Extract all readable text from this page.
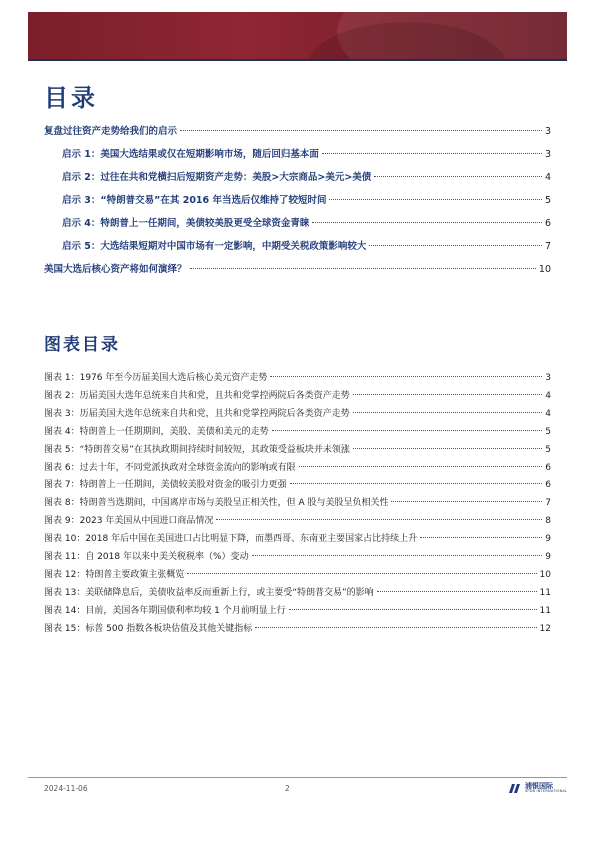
目录
复盘过往资产走势给我们的启示	3
启示 1：美国大选结果或仅在短期影响市场，随后回归基本面	3
启示 2：过往在共和党横扫后短期资产走势：美股>大宗商品>美元>美债	4
启示 3：“特朗普交易”在其 2016 年当选后仅维持了较短时间	5
启示 4：特朗普上一任期间，美债较美股更受全球资金青睐	6
启示 5：大选结果短期对中国市场有一定影响，中期受关税政策影响较大	7
美国大选后核心资产将如何演绎？	10
图表目录
图表 1：1976 年至今历届美国大选后核心美元资产走势	3
图表 2：历届美国大选年总统来自共和党，且共和党掌控两院后各类资产走势	4
图表 3：历届美国大选年总统来自共和党，且共和党掌控两院后各类资产走势	4
图表 4：特朗普上一任期期间，美股、美债和美元的走势	5
图表 5：“特朗普交易”在其执政期间持续时间较短，其政策受益板块并未领涨	5
图表 6：过去十年，不同党派执政对全球资金流向的影响或有限	6
图表 7：特朗普上一任期间，美债较美股对资金的吸引力更强	6
图表 8：特朗普当选期间，中国离岸市场与美股呈正相关性，但 A 股与美股呈负相关性	7
图表 9：2023 年美国从中国进口商品情况	8
图表 10：2018 年后中国在美国进口占比明显下降，而墨西哥、东南亚主要国家占比持续上升	9
图表 11：自 2018 年以来中美关税税率（%）变动	9
图表 12：特朗普主要政策主张概览	10
图表 13：美联储降息后，美债收益率反而重新上行，或主要受“特朗普交易”的影响	11
图表 14：目前，美国各年期国债利率均较 1 个月前明显上行	11
图表 15：标普 500 指数各板块估值及其他关键指标	12
2024-11-06	2	浦银国际
SPDB INTERNATIONAL
